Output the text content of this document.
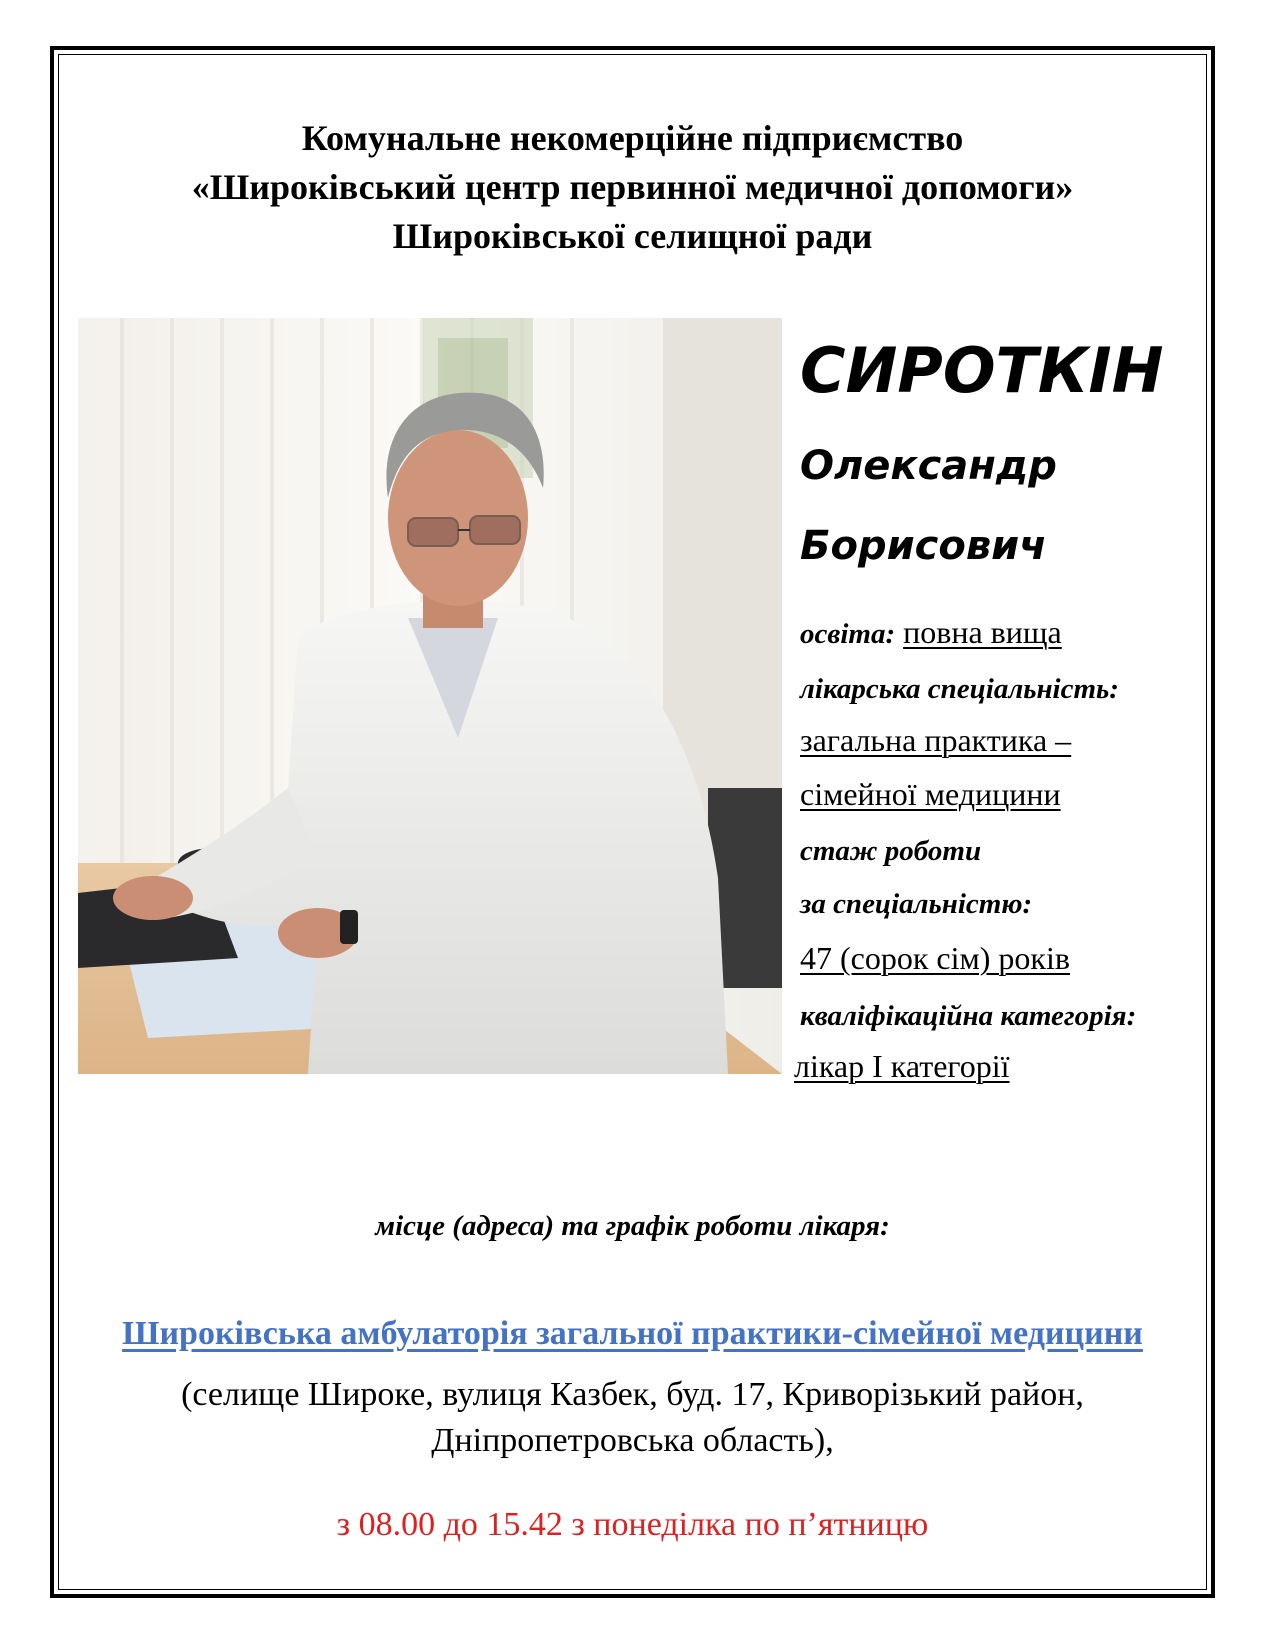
Комунальне некомерційне підприємство
«Широківський центр первинної медичної допомоги»
Широківської селищної ради
СИРОТКІН
Олександр
Борисович
освіта: повна вища
лікарська спеціальність:
загальна практика –
сімейної медицини
стаж роботи
за спеціальністю:
47 (сорок сім) років
кваліфікаційна категорія:
лікар І категорії
місце (адреса) та графік роботи лікаря:
Широківська амбулаторія загальної практики-сімейної медицини
(селище Широке, вулиця Казбек, буд. 17, Криворізький район,
Дніпропетровська область),
з 08.00 до 15.42 з понеділка по п’ятницю
